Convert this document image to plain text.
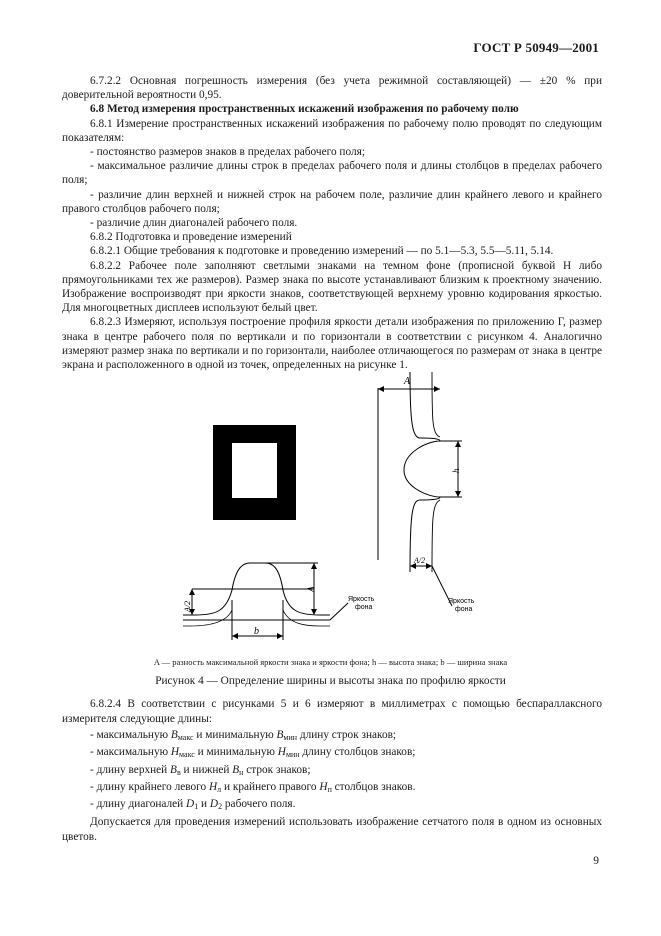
ГОСТ Р 50949—2001

6.7.2.2 Основная погрешность измерения (без учета режимной составляющей) — ±20 % при доверительной вероятности 0,95.

6.8 Метод измерения пространственных искажений изображения по рабочему полю

6.8.1 Измерение пространственных искажений изображения по рабочему полю проводят по следующим показателям:

- постоянство размеров знаков в пределах рабочего поля;

- максимальное различие длины строк в пределах рабочего поля и длины столбцов в пределах рабочего поля;

- различие длин верхней и нижней строк на рабочем поле, различие длин крайнего левого и крайнего правого столбцов рабочего поля;

- различие длин диагоналей рабочего поля.

6.8.2 Подготовка и проведение измерений

6.8.2.1 Общие требования к подготовке и проведению измерений — по 5.1—5.3, 5.5—5.11, 5.14.

6.8.2.2 Рабочее поле заполняют светлыми знаками на темном фоне (прописной буквой Н либо прямоугольниками тех же размеров). Размер знака по высоте устанавливают близким к проектному значению. Изображение воспроизводят при яркости знаков, соответствующей верхнему уровню кодирования яркостью. Для многоцветных дисплеев используют белый цвет.

6.8.2.3 Измеряют, используя построение профиля яркости детали изображения по приложению Г, размер знака в центре рабочего поля по вертикали и по горизонтали в соответствии с рисунком 4. Аналогично измеряют размер знака по вертикали и по горизонтали, наиболее отличающегося по размерам от знака в центре экрана и расположенного в одной из точек, определенных на рисунке 1.

A
h
A/2
Яркость
фона
b
A
A/2
Яркость
фона
A — разность максимальной яркости знака и яркости фона; h — высота знака; b — ширина знака
Рисунок 4 — Определение ширины и высоты знака по профилю яркости

6.8.2.4 В соответствии с рисунками 5 и 6 измеряют в миллиметрах с помощью беспараллаксного измерителя следующие длины:

- максимальную $B_{макс}$ и минимальную $B_{мин}$ длину строк знаков;

- максимальную $H_{макс}$ и минимальную $H_{мин}$ длину столбцов знаков;

- длину верхней $B_в$ и нижней $B_н$ строк знаков;

- длину крайнего левого $H_л$ и крайнего правого $H_п$ столбцов знаков.

- длину диагоналей $D_1$ и $D_2$ рабочего поля.

Допускается для проведения измерений использовать изображение сетчатого поля в одном из основных цветов.

9
